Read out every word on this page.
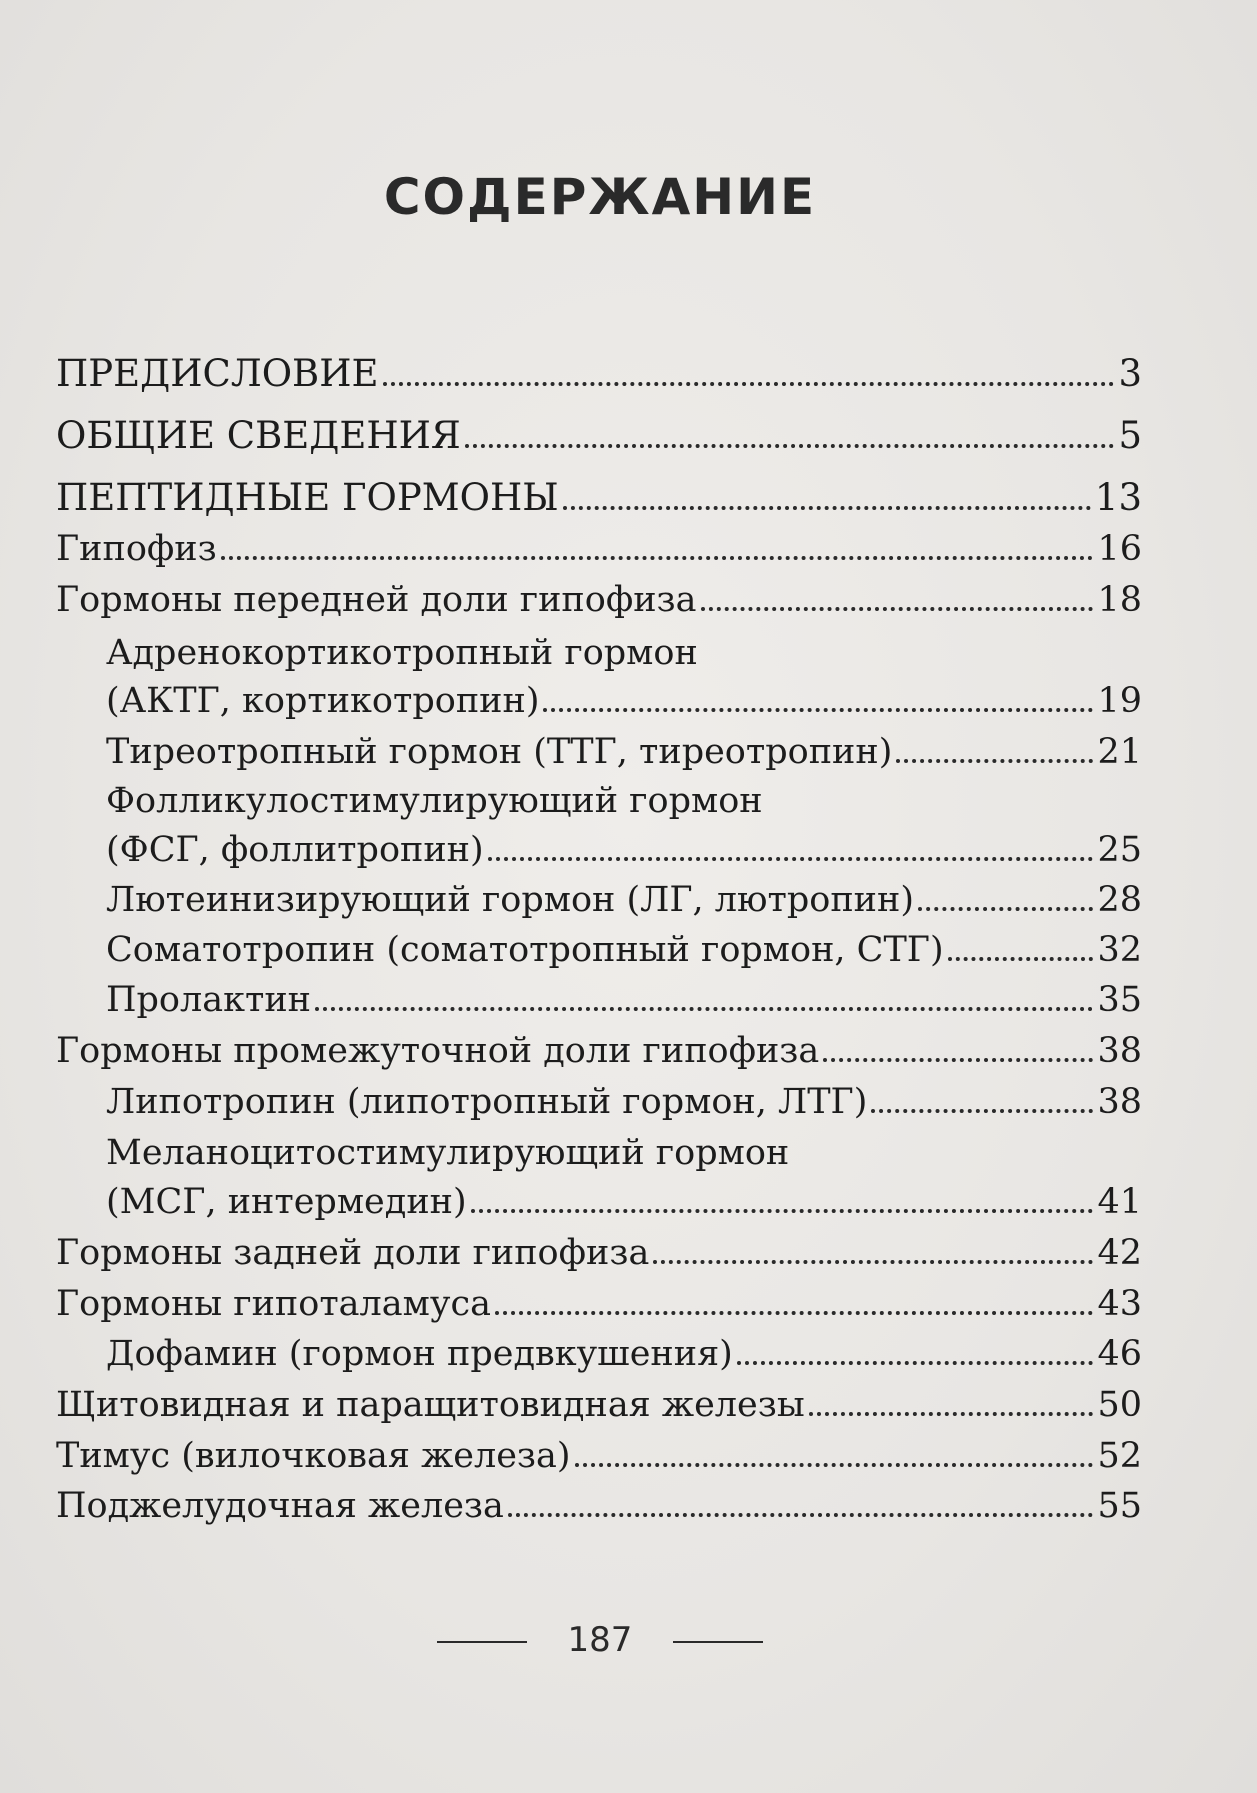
СОДЕРЖАНИЕ
ПРЕДИСЛОВИЕ	3
ОБЩИЕ СВЕДЕНИЯ	5
ПЕПТИДНЫЕ ГОРМОНЫ	13
Гипофиз	16
Гормоны передней доли гипофиза	18
Адренокортикотропный гормон
(АКТГ, кортикотропин)	19
Тиреотропный гормон (ТТГ, тиреотропин)	21
Фолликулостимулирующий гормон
(ФСГ, фоллитропин)	25
Лютеинизирующий гормон (ЛГ, лютропин)	28
Соматотропин (соматотропный гормон, СТГ)	32
Пролактин	35
Гормоны промежуточной доли гипофиза	38
Липотропин (липотропный гормон, ЛТГ)	38
Меланоцитостимулирующий гормон
(МСГ, интермедин)	41
Гормоны задней доли гипофиза	42
Гормоны гипоталамуса	43
Дофамин (гормон предвкушения)	46
Щитовидная и паращитовидная железы	50
Тимус (вилочковая железа)	52
Поджелудочная железа	55
187
